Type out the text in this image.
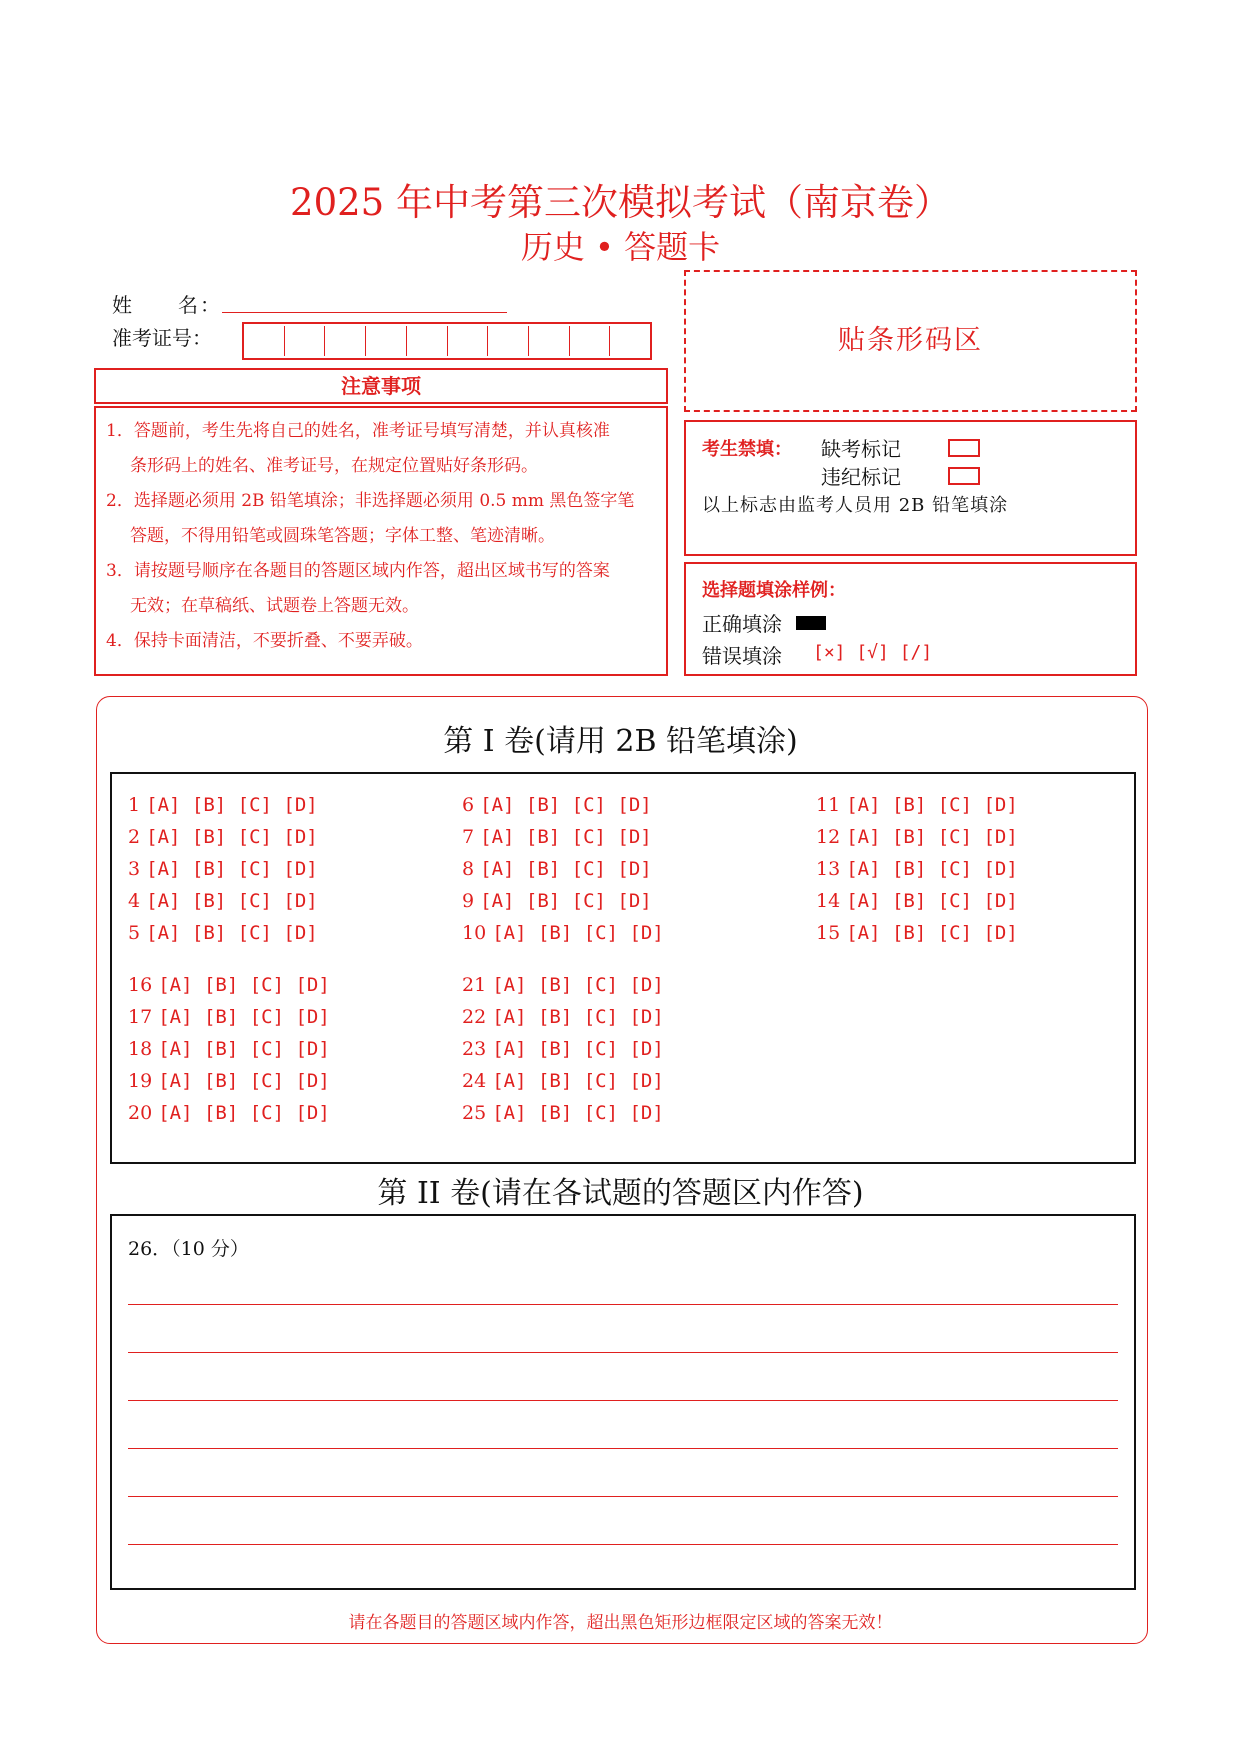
2025 年中考第三次模拟考试（南京卷）
历史 • 答题卡
姓　　名：
准考证号：
注意事项
1．答题前，考生先将自己的姓名，准考证号填写清楚，并认真核准
条形码上的姓名、准考证号，在规定位置贴好条形码。
2．选择题必须用 2B 铅笔填涂；非选择题必须用 0.5 mm 黑色签字笔
答题，不得用铅笔或圆珠笔答题；字体工整、笔迹清晰。
3．请按题号顺序在各题目的答题区域内作答，超出区域书写的答案
无效；在草稿纸、试题卷上答题无效。
4．保持卡面清洁，不要折叠、不要弄破。
贴条形码区
考生禁填： 缺考标记
违纪标记
以上标志由监考人员用 2B 铅笔填涂
选择题填涂样例：
正确填涂
错误填涂 [×] [√] [/]
第 I 卷(请用 2B 铅笔填涂)
1 [A] [B] [C] [D]
2 [A] [B] [C] [D]
3 [A] [B] [C] [D]
4 [A] [B] [C] [D]
5 [A] [B] [C] [D]
6 [A] [B] [C] [D]
7 [A] [B] [C] [D]
8 [A] [B] [C] [D]
9 [A] [B] [C] [D]
10 [A] [B] [C] [D]
11 [A] [B] [C] [D]
12 [A] [B] [C] [D]
13 [A] [B] [C] [D]
14 [A] [B] [C] [D]
15 [A] [B] [C] [D]
16 [A] [B] [C] [D]
17 [A] [B] [C] [D]
18 [A] [B] [C] [D]
19 [A] [B] [C] [D]
20 [A] [B] [C] [D]
21 [A] [B] [C] [D]
22 [A] [B] [C] [D]
23 [A] [B] [C] [D]
24 [A] [B] [C] [D]
25 [A] [B] [C] [D]
第 II 卷(请在各试题的答题区内作答)
26．（10 分）
请在各题目的答题区域内作答，超出黑色矩形边框限定区域的答案无效！
